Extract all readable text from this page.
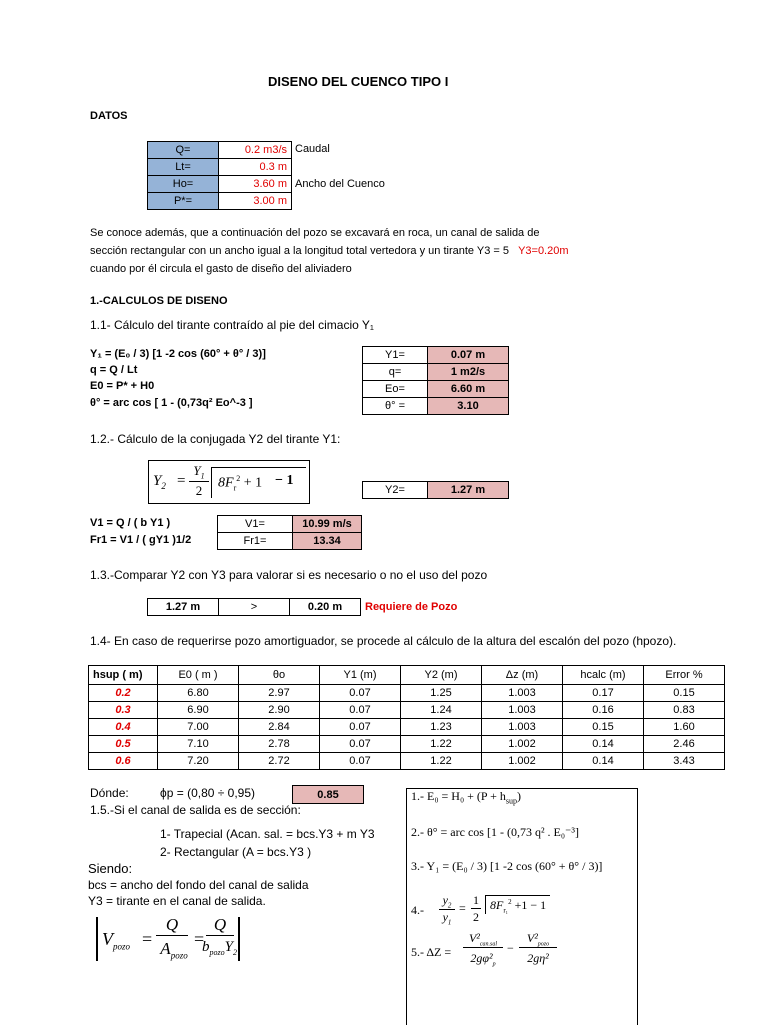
DISENO DEL CUENCO TIPO I
DATOS
Q=	0.2 m3/s
Lt=	0.3 m
Ho=	3.60 m
P*=	3.00 m
Caudal
Ancho del Cuenco
Se conoce además, que a continuación del pozo se excavará en roca, un canal de salida de
sección rectangular con un ancho igual a la longitud total vertedora y un tirante Y3 = 5 Y3=0.20m
cuando por él circula el gasto de diseño del aliviadero
1.-CALCULOS DE DISENO
1.1- Cálculo del tirante contraído al pie del cimacio Y₁
Y₁ = (E₀ / 3) [1 -2 cos (60° + θ° / 3)]
q = Q / Lt
E0 = P* + H0
θ° = arc cos [ 1 - (0,73q² Eo^-3 ]
Y1=	0.07 m
q=	1 m2/s
Eo=	6.60 m
θ° =	3.10
1.2.- Cálculo de la conjugada Y2 del tirante Y1:
$Y_2$ =
$Y_1$
2	$8F_r^2 + 1 - 1$
Y2=	1.27 m
V1 = Q / ( b Y1 )
Fr1 = V1 / ( gY1 )1/2
V1=	10.99 m/s
Fr1=	13.34
1.3.-Comparar Y2 con Y3 para valorar si es necesario o no el uso del pozo
1.27 m	>	0.20 m Requiere de Pozo
1.4- En caso de requerirse pozo amortiguador, se procede al cálculo de la altura del escalón del pozo (hpozo).
hsup ( m)	E0 ( m )	θo	Y1 (m)	Y2 (m)	Δz (m)	hcalc (m)	Error %
0.2	6.80	2.97	0.07	1.25	1.003	0.17	0.15
0.3	6.90	2.90	0.07	1.24	1.003	0.16	0.83
0.4	7.00	2.84	0.07	1.23	1.003	0.15	1.60
0.5	7.10	2.78	0.07	1.22	1.002	0.14	2.46
0.6	7.20	2.72	0.07	1.22	1.002	0.14	3.43
Dónde:	ϕp = (0,80 ÷ 0,95)	0.85
1.5.-Si el canal de salida es de sección:
1- Trapecial (Acan. sal. = bcs.Y3 + m Y3
2- Rectangular (A = bcs.Y3 )
Siendo:
bcs = ancho del fondo del canal de salida
Y3 = tirante en el canal de salida.
$V_{pozo}$ =
Q
$A_{pozo}$
=
Q
$b_{pozo}Y_2$
1.- $E_0 = H_0 + (P + h_{sup})$
2.- θ° = arc cos [1 - (0,73 q² . E₀⁻³]
3.- Y₁ = (E₀ / 3) [1 -2 cos (60° + θ° / 3)]
4.-
$y_2$
$y_1$
=
1
2
$8F_{r_1}^2 +1 - 1$
5.- ΔZ =
$V^2_{can.sal}$
$2g\varphi^2_p$
−
$V^2_{pozo}$
2gη²
